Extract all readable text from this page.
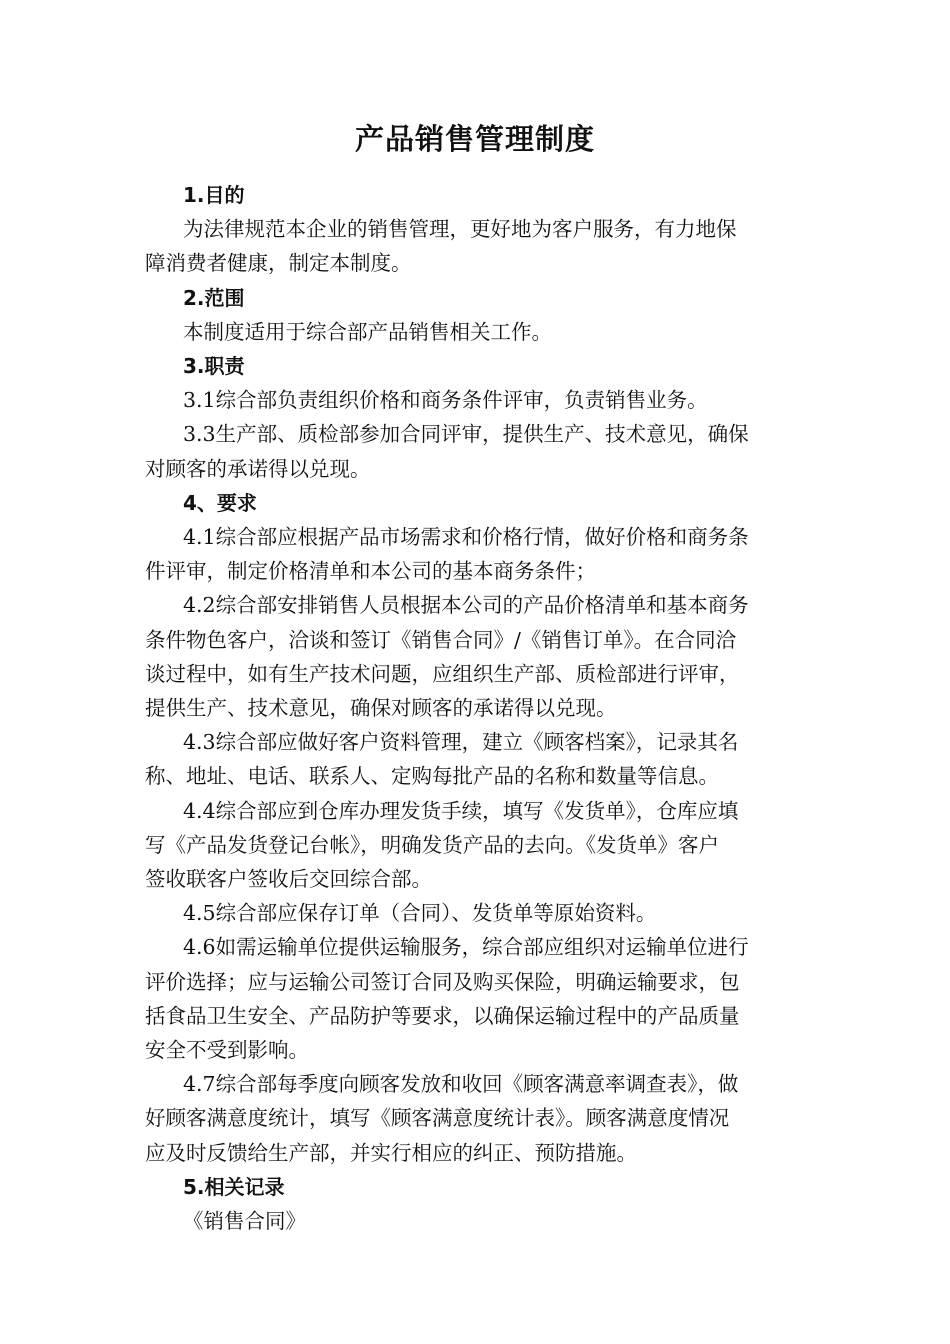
产品销售管理制度

1.目的

为法律规范本企业的销售管理，更好地为客户服务，有力地保
障消费者健康，制定本制度。

2.范围

本制度适用于综合部产品销售相关工作。

3.职责

3.1综合部负责组织价格和商务条件评审，负责销售业务。

3.3生产部、质检部参加合同评审，提供生产、技术意见，确保
对顾客的承诺得以兑现。

4、要求

4.1综合部应根据产品市场需求和价格行情，做好价格和商务条
件评审，制定价格清单和本公司的基本商务条件；

4.2综合部安排销售人员根据本公司的产品价格清单和基本商务
条件物色客户，洽谈和签订《销售合同》/《销售订单》。在合同洽
谈过程中，如有生产技术问题，应组织生产部、质检部进行评审，
提供生产、技术意见，确保对顾客的承诺得以兑现。

4.3综合部应做好客户资料管理，建立《顾客档案》，记录其名
称、地址、电话、联系人、定购每批产品的名称和数量等信息。

4.4综合部应到仓库办理发货手续，填写《发货单》，仓库应填
写《产品发货登记台帐》，明确发货产品的去向。《发货单》客户
签收联客户签收后交回综合部。

4.5综合部应保存订单（合同）、发货单等原始资料。

4.6如需运输单位提供运输服务，综合部应组织对运输单位进行
评价选择；应与运输公司签订合同及购买保险，明确运输要求，包
括食品卫生安全、产品防护等要求，以确保运输过程中的产品质量
安全不受到影响。

4.7综合部每季度向顾客发放和收回《顾客满意率调查表》，做
好顾客满意度统计，填写《顾客满意度统计表》。顾客满意度情况
应及时反馈给生产部，并实行相应的纠正、预防措施。

5.相关记录

《销售合同》
